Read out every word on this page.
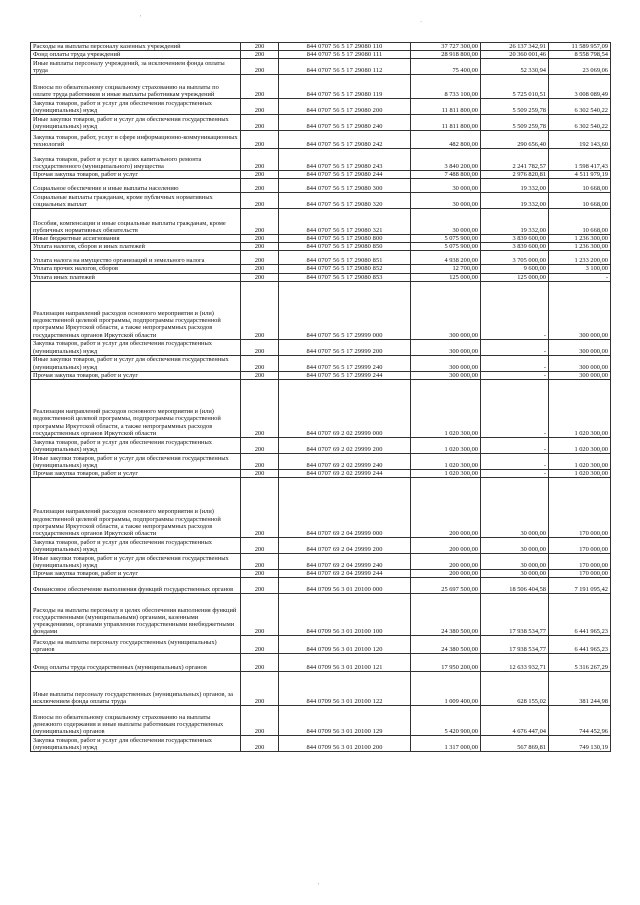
'
`
'
Расходы на выплаты персоналу казенных учреждений	200	844 0707 56 5 17 29080 110	37 727 300,00	26 137 342,91	11 589 957,09
Фонд оплаты труда учреждений	200	844 0707 56 5 17 29080 111	28 918 800,00	20 360 001,46	8 558 798,54
Иные выплаты персоналу учреждений, за исключением фонда оплаты труда	200	844 0707 56 5 17 29080 112	75 400,00	52 330,94	23 069,06
Взносы по обязательному социальному страхованию на выплаты по оплате труда работников и иные выплаты работникам учреждений	200	844 0707 56 5 17 29080 119	8 733 100,00	5 725 010,51	3 008 089,49
Закупка товаров, работ и услуг для обеспечения государственных (муниципальных) нужд	200	844 0707 56 5 17 29080 200	11 811 800,00	5 509 259,78	6 302 540,22
Иные закупки товаров, работ и услуг для обеспечения государственных (муниципальных) нужд	200	844 0707 56 5 17 29080 240	11 811 800,00	5 509 259,78	6 302 540,22
Закупка товаров, работ, услуг в сфере информационно-коммуникационных технологий	200	844 0707 56 5 17 29080 242	482 800,00	290 656,40	192 143,60
Закупка товаров, работ и услуг в целях капитального ремонта государственного (муниципального) имущества	200	844 0707 56 5 17 29080 243	3 840 200,00	2 241 782,57	1 598 417,43
Прочая закупка товаров, работ и услуг	200	844 0707 56 5 17 29080 244	7 488 800,00	2 976 820,81	4 511 979,19
Социальное обеспечение и иные выплаты населению	200	844 0707 56 5 17 29080 300	30 000,00	19 332,00	10 668,00
Социальные выплаты гражданам, кроме публичных нормативных социальных выплат	200	844 0707 56 5 17 29080 320	30 000,00	19 332,00	10 668,00
Пособия, компенсации и иные социальные выплаты гражданам, кроме публичных нормативных обязательств	200	844 0707 56 5 17 29080 321	30 000,00	19 332,00	10 668,00
Иные бюджетные ассигнования	200	844 0707 56 5 17 29080 800	5 075 900,00	3 839 600,00	1 236 300,00
Уплата налогов, сборов и иных платежей	200	844 0707 56 5 17 29080 850	5 075 900,00	3 839 600,00	1 236 300,00
Уплата налога на имущество организаций и земельного налога	200	844 0707 56 5 17 29080 851	4 938 200,00	3 705 000,00	1 233 200,00
Уплата прочих налогов, сборов	200	844 0707 56 5 17 29080 852	12 700,00	9 600,00	3 100,00
Уплата иных платежей	200	844 0707 56 5 17 29080 853	125 000,00	125 000,00	-
Реализация направлений расходов основного мероприятия и (или) ведомственной целевой программы, подпрограммы государственной программы Иркутской области, а также непрограммных расходов государственных органов Иркутской области	200	844 0707 56 5 17 29999 000	300 000,00	-	300 000,00
Закупка товаров, работ и услуг для обеспечения государственных (муниципальных) нужд	200	844 0707 56 5 17 29999 200	300 000,00	-	300 000,00
Иные закупки товаров, работ и услуг для обеспечения государственных (муниципальных) нужд	200	844 0707 56 5 17 29999 240	300 000,00	-	300 000,00
Прочая закупка товаров, работ и услуг	200	844 0707 56 5 17 29999 244	300 000,00	-	300 000,00
Реализация направлений расходов основного мероприятия и (или) ведомственной целевой программы, подпрограммы государственной программы Иркутской области, а также непрограммных расходов государственных органов Иркутской области	200	844 0707 69 2 02 29999 000	1 020 300,00	-	1 020 300,00
Закупка товаров, работ и услуг для обеспечения государственных (муниципальных) нужд	200	844 0707 69 2 02 29999 200	1 020 300,00	-	1 020 300,00
Иные закупки товаров, работ и услуг для обеспечения государственных (муниципальных) нужд	200	844 0707 69 2 02 29999 240	1 020 300,00	-	1 020 300,00
Прочая закупка товаров, работ и услуг	200	844 0707 69 2 02 29999 244	1 020 300,00	-	1 020 300,00
Реализация направлений расходов основного мероприятия и (или) ведомственной целевой программы, подпрограммы государственной программы Иркутской области, а также непрограммных расходов государственных органов Иркутской области	200	844 0707 69 2 04 29999 000	200 000,00	30 000,00	170 000,00
Закупка товаров, работ и услуг для обеспечения государственных (муниципальных) нужд	200	844 0707 69 2 04 29999 200	200 000,00	30 000,00	170 000,00
Иные закупки товаров, работ и услуг для обеспечения государственных (муниципальных) нужд	200	844 0707 69 2 04 29999 240	200 000,00	30 000,00	170 000,00
Прочая закупка товаров, работ и услуг	200	844 0707 69 2 04 29999 244	200 000,00	30 000,00	170 000,00
Финансовое обеспечение выполнения функций государственных органов	200	844 0709 56 3 01 20100 000	25 697 500,00	18 506 404,58	7 191 095,42
Расходы на выплаты персоналу в целях обеспечения выполнения функций государственными (муниципальными) органами, казенными учреждениями, органами управления государственными внебюджетными фондами	200	844 0709 56 3 01 20100 100	24 380 500,00	17 938 534,77	6 441 965,23
Расходы на выплаты персоналу государственных (муниципальных) органов	200	844 0709 56 3 01 20100 120	24 380 500,00	17 938 534,77	6 441 965,23
Фонд оплаты труда государственных (муниципальных) органов	200	844 0709 56 3 01 20100 121	17 950 200,00	12 633 932,71	5 316 267,29
Иные выплаты персоналу государственных (муниципальных) органов, за исключением фонда оплаты труда	200	844 0709 56 3 01 20100 122	1 009 400,00	628 155,02	381 244,98
Взносы по обязательному социальному страхованию на выплаты денежного содержания и иные выплаты работникам государственных (муниципальных) органов	200	844 0709 56 3 01 20100 129	5 420 900,00	4 676 447,04	744 452,96
Закупка товаров, работ и услуг для обеспечения государственных (муниципальных) нужд	200	844 0709 56 3 01 20100 200	1 317 000,00	567 869,81	749 130,19
